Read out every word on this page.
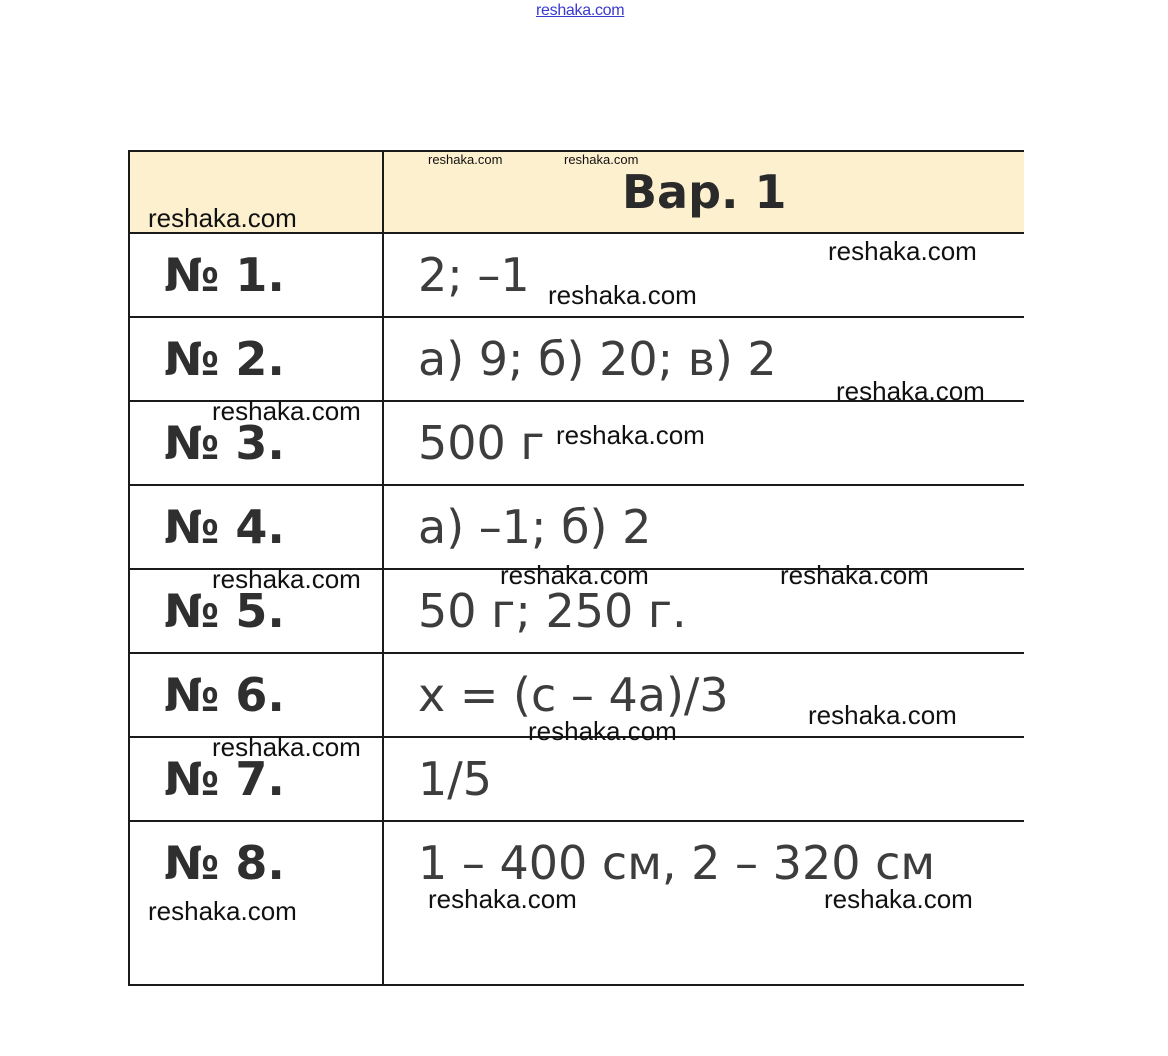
reshaka.com

	Вар. 1

№ 1.	2; –1

№ 2.	а) 9; б) 20; в) 2

№ 3.	500 г

№ 4.	а) –1; б) 2

№ 5.	50 г; 250 г.

№ 6.	х = (с – 4а)/3

№ 7.	1/5

№ 8.	1 – 400 см, 2 – 320 см
reshaka.com	reshaka.com
reshaka.com
reshaka.com
reshaka.com
reshaka.com
reshaka.com
reshaka.com
reshaka.com	reshaka.com
reshaka.com
reshaka.com
reshaka.com
reshaka.com
reshaka.com	reshaka.com
reshaka.com
